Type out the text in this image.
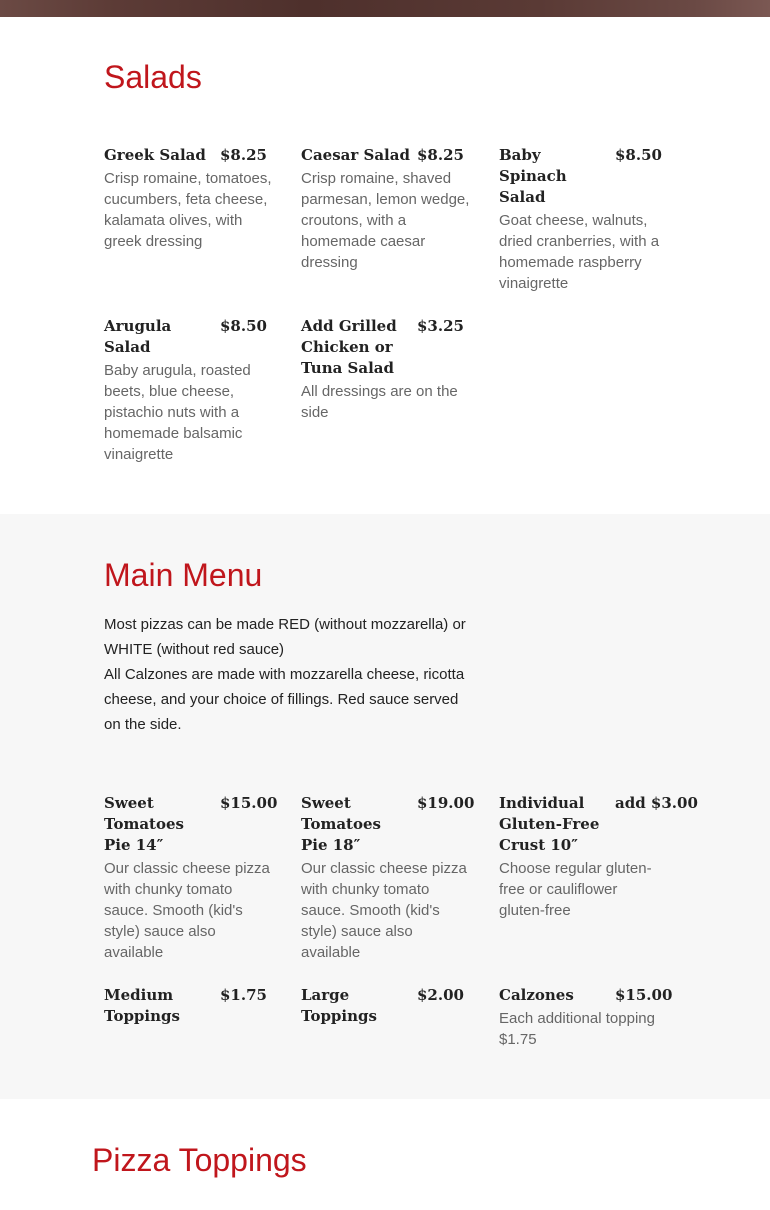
Salads
Greek Salad $8.25
Crisp romaine, tomatoes, cucumbers, feta cheese, kalamata olives, with greek dressing
Caesar Salad $8.25
Crisp romaine, shaved parmesan, lemon wedge, croutons, with a homemade caesar dressing
Baby Spinach Salad
$8.50
Goat cheese, walnuts, dried cranberries, with a homemade raspberry vinaigrette
Arugula Salad
$8.50
Baby arugula, roasted beets, blue cheese, pistachio nuts with a homemade balsamic vinaigrette
Add Grilled Chicken or Tuna Salad
$3.25
All dressings are on the side
Main Menu

Most pizzas can be made RED (without mozzarella) or WHITE (without red sauce)

All Calzones are made with mozzarella cheese, ricotta cheese, and your choice of fillings. Red sauce served on the side.

Sweet Tomatoes Pie 14″
$15.00
Our classic cheese pizza with chunky tomato sauce. Smooth (kid's style) sauce also available
Sweet Tomatoes Pie 18″
$19.00
Our classic cheese pizza with chunky tomato sauce. Smooth (kid's style) sauce also available
Individual Gluten-Free Crust 10″
add $3.00
Choose regular gluten-free or cauliflower gluten-free
Medium Toppings
$1.75 Large Toppings
$2.00 Calzones	$15.00
Each additional topping $1.75
Pizza Toppings
